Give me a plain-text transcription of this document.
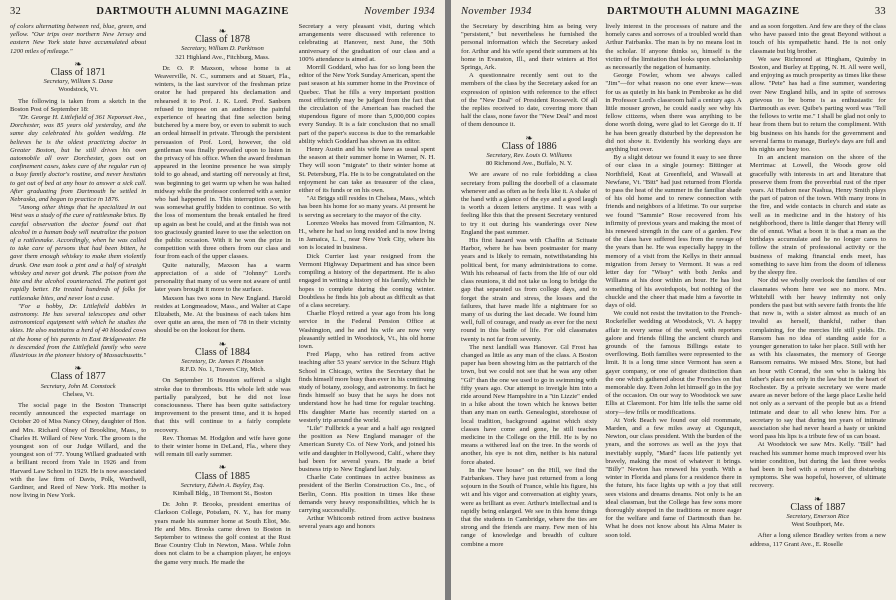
32	DARTMOUTH ALUMNI MAGAZINE	November 1934

of colors alternating between red, blue, green, and yellow. "Our trips over northern New Jersey and eastern New York state have accumulated about 1200 miles of mileage."

❧
Class of 1871
Secretary, William S. Dana
Woodstock, Vt.

The following is taken from a sketch in the Boston Post of September 18:

"Dr. George H. Littlefield of 361 Neponset Ave., Dorchester, was 85 years old yesterday, and the same day celebrated his golden wedding. He believes he is the oldest practicing doctor in Greater Boston, but he still drives his own automobile all over Dorchester, goes out on confinement cases, takes care of the regular run of a busy family doctor's routine, and never hesitates to get out of bed at any hour to answer a sick call. After graduating from Dartmouth he settled in Nebraska, and began to practice in 1876.

"Among other things that he specialized in out West was a study of the cure of rattlesnake bites. By careful observation the doctor found out that alcohol in a human body will neutralize the poison of a rattlesnake. Accordingly, when he was called to take care of persons that had been bitten, he gave them enough whiskey to make them violently drunk. One man took a pint and a half of straight whiskey and never got drunk. The poison from the bite and the alcohol counteracted. The patient got rapidly better. He treated hundreds of folks for rattlesnake bites, and never lost a case.

"For a hobby, Dr. Littlefield dabbles in astronomy. He has several telescopes and other astronomical equipment with which he studies the skies. He also maintains a herd of 40 blooded cows at the home of his parents in East Bridgewater. He is descended from the Littlefield family who were illustrious in the pioneer history of Massachusetts."

❧
Class of 1877
Secretary, John M. Comstock
Chelsea, Vt.

The social page in the Boston Transcript recently announced the expected marriage on October 20 of Miss Nancy Olney, daughter of Hon. and Mrs. Richard Olney of Brookline, Mass., to Charles H. Willard of New York. The groom is the youngest son of our Judge Willard, and the youngest son of '77. Young Willard graduated with a brilliant record from Yale in 1926 and from Harvard Law School in 1929. He is now associated with the law firm of Davis, Polk, Wardwell, Gardiner, and Reed of New York. His mother is now living in New York.

❧
Class of 1878
Secretary, William D. Parkinson
321 Highland Ave., Fitchburg, Mass.

Dr. O. P. Maxson, whose home is at Weaverville, N. C., summers and at Stuart, Fla., winters, is the last survivor of the freshman prize orator he had prepared his declamation and rehearsed it to Prof. J. K. Lord. Prof. Sanborn refused to impose on an audience the painful experience of hearing that fine selection being butchered by a mere boy, or even to submit to such an ordeal himself in private. Through the persistent persuasion of Prof. Lord, however, the old gentleman was finally prevailed upon to listen in the privacy of his office. When the award freshman appeared in the leonine presence he was simply told to go ahead, and starting off nervously at first, was beginning to get warm up when he was halted midway while the professor conferred with a senior who had happened in. This interruption over, he was somewhat gruffly bidden to continue. So with the loss of momentum the break entailed he fired up again as best he could, and at the finish was not too graciously granted leave to use the selection on the public occasion. With it he won the prize in competition with three others from our class and four from each of the upper classes.

Quite naturally, Maxson has a warm appreciation of a side of "Johnny" Lord's personality that many of us were not aware of until later years brought it more to the surface.

Maxson has two sons in New England. Harold resides at Longmeadow, Mass., and Walter at Cape Elizabeth, Me. At the business of each takes him over quite an area, the men of '78 in their vicinity should be on the lookout for them.

❧
Class of 1884
Secretary, Dr. James P. Houston
R.F.D. No. 1, Travers City, Mich.

On September 16 Houston suffered a slight stroke due to thrombosis. His whole left side was partially paralyzed, but he did not lose consciousness. There has been quite satisfactory improvement to the present time, and it is hoped that this will continue to a fairly complete recovery.

Rev. Thomas M. Hodgdon and wife have gone to their winter home in DeLand, Fla., where they will remain till early summer.

❧
Class of 1885
Secretary, Edwin A. Bayley, Esq.
Kimball Bldg., 18 Tremont St., Boston

Dr. John P. Brooks, president emeritus of Clarkson College, Potsdam, N. Y., has for many years made his summer home at South Eliot, Me. He and Mrs. Brooks came down to Boston in September to witness the golf contest at the Rust Brae Country Club in Newton, Mass. While John does not claim to be a champion player, he enjoys the game very much. He made the

Secretary a very pleasant visit, during which arrangements were discussed with reference to celebrating at Hanover, next June, the 50th anniversary of the graduation of our class and a 100% attendance is aimed at.

Morrill Goddard, who has for so long been the editor of the New York Sunday American, spent the past season at his summer home in the Province of Quebec. That he fills a very important position most efficiently may be judged from the fact that the circulation of the American has reached the stupendous figure of more than 5,000,000 copies every Sunday. It is a fair conclusion that no small part of the paper's success is due to the remarkable ability which Goddard has shown as its editor.

Henry Austin and his wife have as usual spent the season at their summer home in Warner, N. H. They will soon "migrate" to their winter home at St. Petersburg, Fla. He is to be congratulated on the enjoyment he can take as treasurer of the class, either of its funds or on his own.

"At Briggs still resides in Chelsea, Mass., which has been his home for so many years. At present he is serving as secretary to the mayor of the city.

Lorenzo Weeks has moved from Gilmanton, N. H., where he had so long resided and is now living in Jamaica, L. I., near New York City, where his son is located in business.

Dick Currier last year resigned from the Vermont Highway Department and has since been compiling a history of the department. He is also engaged in writing a history of his family, which he hopes to complete during the coming winter. Doubtless he finds his job about as difficult as that of a class secretary.

Charlie Floyd retired a year ago from his long service in the Federal Pension Office at Washington, and he and his wife are now very pleasantly settled in Woodstock, Vt., his old home town.

Fred Plapp, who has retired from active teaching after 53 years' service in the Schurz High School in Chicago, writes the Secretary that he finds himself more busy than ever in his continuing study of botany, zoology, and astronomy. In fact he finds himself so busy that he says he does not understand how he had time for regular teaching. His daughter Marie has recently started on a westerly trip around the world.

"Lile" Fullbrick a year and a half ago resigned the position as New England manager of the American Surety Co. of New York, and joined his wife and daughter in Hollywood, Calif., where they had been for several years. He made a brief business trip to New England last July.

Charlie Cate continues in active business as president of the Berlin Construction Co., Inc., of Berlin, Conn. His position in times like these demands very heavy responsibilities, which he is carrying successfully.

Arthur Whitcomb retired from active business several years ago and honors

November 1934	DARTMOUTH ALUMNI MAGAZINE	33

the Secretary by describing him as being very "persistent," but nevertheless he furnished the personal information which the Secretary asked for. Arthur and his wife spend their summers at his home in Evanston, Ill., and their winters at Hot Springs, Ark.

A questionnaire recently sent out to the members of the class by the Secretary asked for an expression of opinion with reference to the effect of the "New Deal" of President Roosevelt. Of all the replies received to date, covering more than half the class, none favor the "New Deal" and most of them denounce it.

❧
Class of 1886
Secretary, Rev. Louis O. Williams
80 Richmond Ave., Buffalo, N. Y.

We are aware of no rule forbidding a class secretary from pulling the doorbell of a classmate whenever and as often as he feels like it. A shake of the hand with a glance of the eye and a good laugh is worth a dozen letters anytime. It was with a feeling like this that the present Secretary ventured to try it out during his wanderings over New England the past summer.

His first hazard was with Chaffin at Scituate Harbor, where he has been postmaster for many years and is likely to remain, notwithstanding his political bent, for many administrations to come. With his rehearsal of facts from the life of our old class reunions, it did not take us long to bridge the gap that separated us from college days, and to forget the strain and stress, the losses and the failures, that have made life a nightmare for so many of us during the last decade. We found him well, full of courage, and ready as ever for the next round in this battle of life. For old classmates twenty is not far from seventy.

The next landfall was Hanover. Gil Frost has changed as little as any man of the class. A Boston paper has been showing him as the patriarch of the town, but we could not see that he was any other "Gil" than the one we used to go in swimming with fifty years ago. Our attempt to inveigle him into a ride around New Hampshire in a "tin Lizzie" ended in a hike about the town which he knows better than any man on earth. Genealogist, storehouse of local tradition, background against which sixty classes have come and gone, he still teaches medicine in the College on the Hill. He is by no means a withered leaf on the tree. In the words of another, his eye is not dim, neither is his natural force abated.

In the "wee house" on the Hill, we find the Fairbankses. They have just returned from a long sojourn in the South of France, while his figure, his wit and his vigor and conversation at eighty years, were as brilliant as ever. Arthur's intellectual and is rapidly being enlarged. We see in this home things that the students in Cambridge, where the ties are strong and the friends are many. Few men of his range of knowledge and breadth of culture combine a more

lively interest in the processes of nature and the homely cares and sorrows of a troubled world than Arthur Fairbanks. The man is by no means lost in the scholar. If anyone thinks so, himself is the victim of the limitation that looks upon scholarship as necessarily the negation of humanity.

George Fowler, whom we always called "Jim"—for what reason no one ever knew—was for us as quietly in his bank in Pembroke as he did in Professor Lord's classroom half a century ago. A little mouser grown, he could easily see why his fellow citizens, when there was anything to be done worth doing, were glad to let George do it. If he has been greatly disturbed by the depression he did not show it. Evidently his working days are anything but over.

By a slight detour we found it easy to see three of our class in a single journey: Bittinger at Northfield, Keat at Greenfield, and Wiswall at Newfane, Vt. "Bitt" had just returned from Florida to pass the heat of the summer in the familiar shade of his old home and to renew connection with friends and neighbors of a lifetime. To our surprise we found "Sammie" Rose recovered from his infirmity of previous years and making the most of his renewed strength in the care of a garden. Few of the class have suffered less from the ravage of the years than he. He was especially happy in the memory of a visit from the Kellys in their annual migration from Jersey to Vermont. It was a red letter day for "Wissy" with both Jenks and Williams at his door within an hour. He has lost something of his avoirdupois, but nothing of the chuckle and the cheer that made him a favorite in days of old.

We could not resist the invitation to the French-Rockefeller wedding at Woodstock, Vt. A happy affair in every sense of the word, with reporters galore and friends filling the ancient church and grounds of the famous Billings estate to overflowing. Both families were represented to the limit. It is a long time since Vermont has seen a gayer company, or one of greater distinction than the one which gathered about the Frenches on that memorable day. Even John let himself go in the joy of the occasion. On our way to Woodstock we saw Ellis at Claremont. For him life tells the same old story—few frills or modifications.

At York Beach we found our old roommate, Marden, and a few miles away at Ogunquit, Newton, our class president. With the burden of the years, and the sorrows as well as the joys that inevitably supply, "Mard" faces life patiently yet bravely, making the most of whatever it brings. "Billy" Newton has renewed his youth. With a winter in Florida and plans for a residence there in the future, his face lights up with a joy that still sees visions and dreams dreams. Not only is he an ideal classman, but the College has few sons more thoroughly steeped in the traditions or more eager for the welfare and fame of Dartmouth than he. What he does not know about his Alma Mater is soon told.

and as soon forgotten. And few are they of the class who have passed into the great Beyond without a touch of his sympathetic hand. He is not only classmate but big brother.

We saw Richmond at Hingham, Quimby in Boston, and Burley at Epping, N. H. All were well, and enjoying as much prosperity as times like these allow. "Pete" has had a fine summer, wandering over New England hills, and in spite of sorrows grievous to be borne is as enthusiastic for Dartmouth as ever. Quibe's parting word was "Tell the fellows to write me." I shall be glad not only to hear from them but to return the compliment. With big business on his hands for the government and several farms to manage, Burley's days are full and his nights are busy too.

In an ancient mansion on the shore of the Merrimac at Lowell, the Woods grow old gracefully with interests in art and literature that preserve them from the proverbial rust of the riper years. At Hudson near Nashua, Henry Smith plays the part of patron of the town. With many irons in the fire, and wide contacts in church and state as well as in medicine and in the history of his neighborhood, there is little danger that Henry will die of ennui. What a boon it is that a man as the birthdays accumulate and he no longer cares to follow the strain of professional activity or the business of making financial ends meet, has something to save him from the doom of idleness by the sleepy fire.

Nor did we wholly overlook the families of our classmates whom here we see no more. Mrs. Whitehill with her heavy infirmity not only ponders the past but with severe faith fronts the life that now is, with a sister almost as much of an invalid as herself, thankful, rather than complaining, for the mercies life still yields. Dr. Ransom has no idea of standing aside for a younger generation to take her place. Still with her as with his classmates, the memory of George Ransom remains. We missed Mrs. Stone, but had an hour with Conrad, the son who is taking his father's place not only in the law but in the heart of Rochester. By a private secretary we were made aware as never before of the large place Leslie held not only as a servant of the people but as a friend intimate and dear to all who knew him. For a secretary to say that during ten years of intimate association she had never heard a hasty or unkind word pass his lips is a tribute few of us can boast.

At Woodstock we saw Mrs. Kelly. "Bill" had reached his summer home much improved over his winter condition, but during the last three weeks had been in bed with a return of the disturbing symptoms. She was hopeful, however, of ultimate recovery.

❧
Class of 1887
Secretary, Emerson Rice
West Southport, Me.

After a long silence Bradley writes from a new address, 117 Grant Ave., E. Roselle
